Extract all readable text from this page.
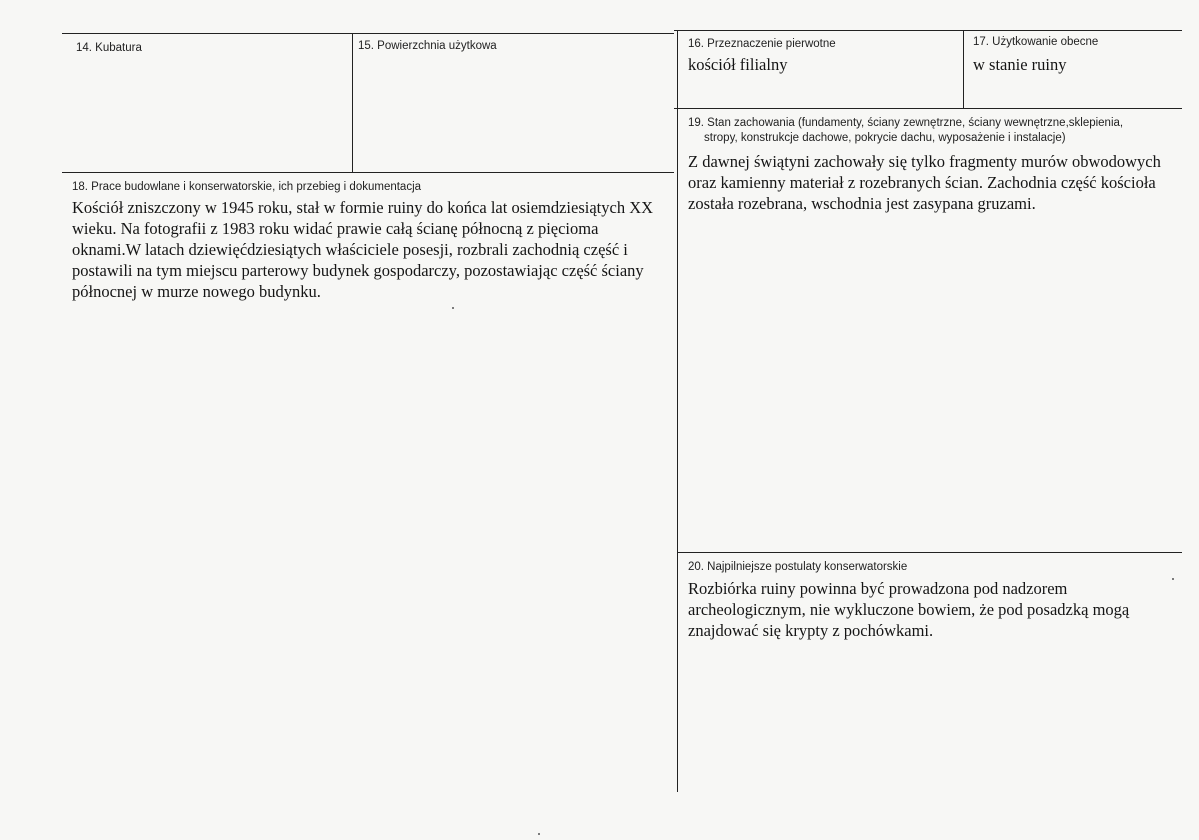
14. Kubatura	15. Powierzchnia użytkowa	16. Przeznaczenie pierwotne
kościół filialny
17. Użytkowanie obecne
w stanie ruiny
18. Prace budowlane i konserwatorskie, ich przebieg i dokumentacja
Kościół zniszczony w 1945 roku, stał w formie ruiny do końca lat osiemdziesiątych XX wieku. Na fotografii z 1983 roku widać prawie całą ścianę północną z pięcioma oknami.W latach dziewięćdziesiątych właściciele posesji, rozbrali zachodnią część i postawili na tym miejscu parterowy budynek gospodarczy, pozostawiając część ściany północnej w murze nowego budynku.
19. Stan zachowania (fundamenty, ściany zewnętrzne, ściany wewnętrzne,sklepienia,
stropy, konstrukcje dachowe, pokrycie dachu, wyposażenie i instalacje)
Z dawnej świątyni zachowały się tylko fragmenty murów obwodowych oraz kamienny materiał z rozebranych ścian. Zachodnia część kościoła została rozebrana, wschodnia jest zasypana gruzami.
20. Najpilniejsze postulaty konserwatorskie
Rozbiórka ruiny powinna być prowadzona pod nadzorem archeologicznym, nie wykluczone bowiem, że pod posadzką mogą znajdować się krypty z pochówkami.
